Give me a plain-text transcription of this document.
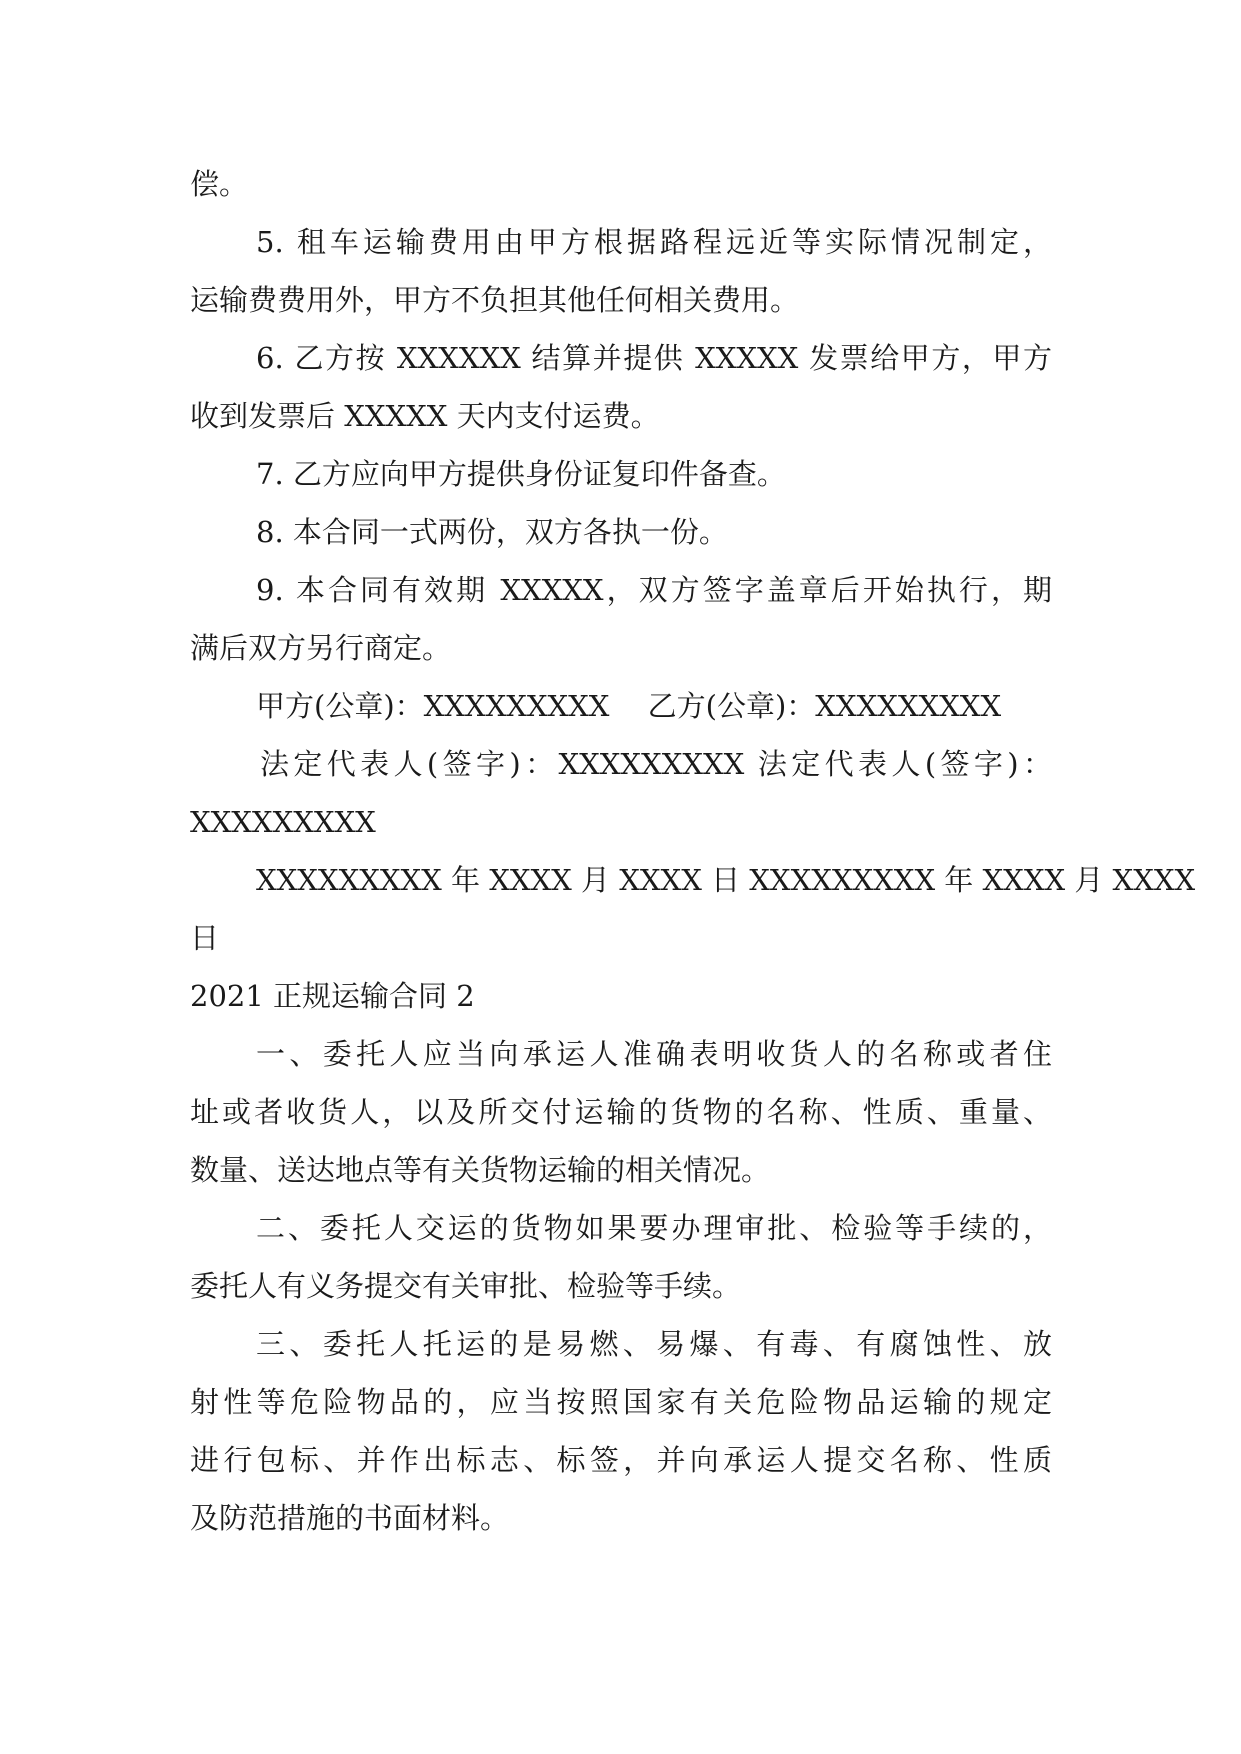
偿。
5. 租车运输费用由甲方根据路程远近等实际情况制定，
运输费费用外，甲方不负担其他任何相关费用。
6. 乙方按 XXXXXX 结算并提供 XXXXX 发票给甲方，甲方
收到发票后 XXXXX 天内支付运费。
7. 乙方应向甲方提供身份证复印件备查。
8. 本合同一式两份，双方各执一份。
9. 本合同有效期 XXXXX，双方签字盖章后开始执行，期
满后双方另行商定。
甲方(公章)：XXXXXXXXX　 乙方(公章)：XXXXXXXXX
法定代表人(签字)：XXXXXXXXX 法定代表人(签字)：
XXXXXXXXX
XXXXXXXXX 年 XXXX 月 XXXX 日 XXXXXXXXX 年 XXXX 月 XXXX
日
2021 正规运输合同 2
一、委托人应当向承运人准确表明收货人的名称或者住
址或者收货人，以及所交付运输的货物的名称、性质、重量、
数量、送达地点等有关货物运输的相关情况。
二、委托人交运的货物如果要办理审批、检验等手续的，
委托人有义务提交有关审批、检验等手续。
三、委托人托运的是易燃、易爆、有毒、有腐蚀性、放
射性等危险物品的，应当按照国家有关危险物品运输的规定
进行包标、并作出标志、标签，并向承运人提交名称、性质
及防范措施的书面材料。
